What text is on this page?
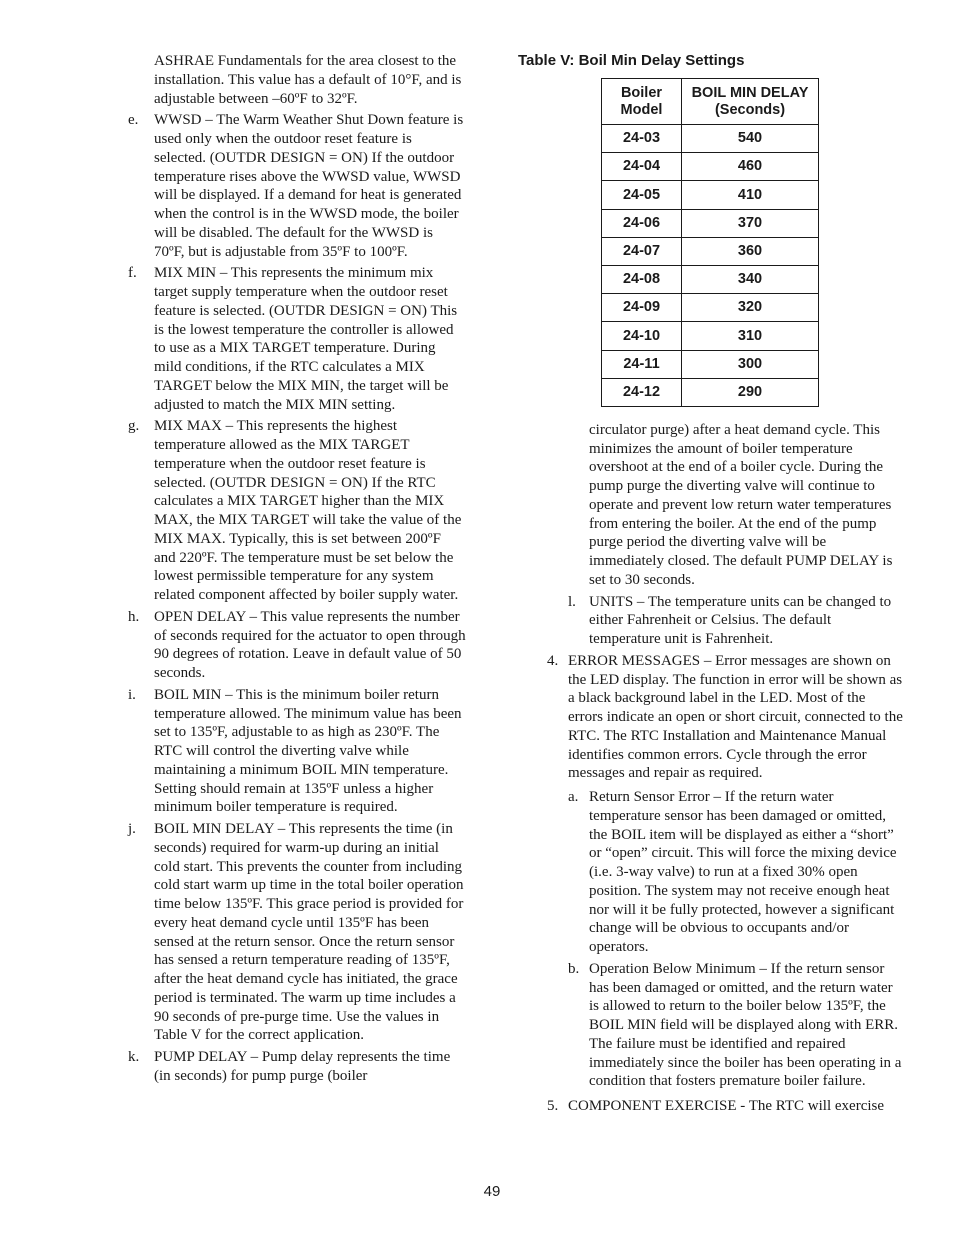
ASHRAE Fundamentals for the area closest to the installation. This value has a default of 10°F, and is adjustable between –60ºF to 32ºF.
e. WWSD – The Warm Weather Shut Down feature is used only when the outdoor reset feature is selected. (OUTDR DESIGN = ON) If the outdoor temperature rises above the WWSD value, WWSD will be displayed. If a demand for heat is generated when the control is in the WWSD mode, the boiler will be disabled. The default for the WWSD is 70ºF, but is adjustable from 35ºF to 100ºF.
f. MIX MIN – This represents the minimum mix target supply temperature when the outdoor reset feature is selected. (OUTDR DESIGN = ON) This is the lowest temperature the controller is allowed to use as a MIX TARGET temperature. During mild conditions, if the RTC calculates a MIX TARGET below the MIX MIN, the target will be adjusted to match the MIX MIN setting.
g. MIX MAX – This represents the highest temperature allowed as the MIX TARGET temperature when the outdoor reset feature is selected. (OUTDR DESIGN = ON) If the RTC calculates a MIX TARGET higher than the MIX MAX, the MIX TARGET will take the value of the MIX MAX. Typically, this is set between 200ºF and 220ºF. The temperature must be set below the lowest permissible temperature for any system related component affected by boiler supply water.
h. OPEN DELAY – This value represents the number of seconds required for the actuator to open through 90 degrees of rotation. Leave in default value of 50 seconds.
i. BOIL MIN – This is the minimum boiler return temperature allowed. The minimum value has been set to 135ºF, adjustable to as high as 230ºF. The RTC will control the diverting valve while maintaining a minimum BOIL MIN temperature. Setting should remain at 135ºF unless a higher minimum boiler temperature is required.
j. BOIL MIN DELAY – This represents the time (in seconds) required for warm-up during an initial cold start. This prevents the counter from including cold start warm up time in the total boiler operation time below 135ºF. This grace period is provided for every heat demand cycle until 135ºF has been sensed at the return sensor. Once the return sensor has sensed a return temperature reading of 135ºF, after the heat demand cycle has initiated, the grace period is terminated. The warm up time includes a 90 seconds of pre-purge time. Use the values in Table V for the correct application.
k. PUMP DELAY – Pump delay represents the time (in seconds) for pump purge (boiler
Table V: Boil Min Delay Settings
Boiler Model	BOIL MIN DELAY (Seconds)
24-03	540
24-04	460
24-05	410
24-06	370
24-07	360
24-08	340
24-09	320
24-10	310
24-11	300
24-12	290
circulator purge) after a heat demand cycle. This minimizes the amount of boiler temperature overshoot at the end of a boiler cycle. During the pump purge the diverting valve will continue to operate and prevent low return water temperatures from entering the boiler. At the end of the pump purge period the diverting valve will be immediately closed. The default PUMP DELAY is set to 30 seconds.
l. UNITS – The temperature units can be changed to either Fahrenheit or Celsius. The default temperature unit is Fahrenheit.
4. ERROR MESSAGES – Error messages are shown on the LED display. The function in error will be shown as a black background label in the LED. Most of the errors indicate an open or short circuit, connected to the RTC. The RTC Installation and Maintenance Manual identifies common errors. Cycle through the error messages and repair as required.
a. Return Sensor Error – If the return water temperature sensor has been damaged or omitted, the BOIL item will be displayed as either a “short” or “open” circuit. This will force the mixing device (i.e. 3-way valve) to run at a fixed 30% open position. The system may not receive enough heat nor will it be fully protected, however a significant change will be obvious to occupants and/or operators.
b. Operation Below Minimum – If the return sensor has been damaged or omitted, and the return water is allowed to return to the boiler below 135ºF, the BOIL MIN field will be displayed along with ERR. The failure must be identified and repaired immediately since the boiler has been operating in a condition that fosters premature boiler failure.
5. COMPONENT EXERCISE - The RTC will exercise
49
